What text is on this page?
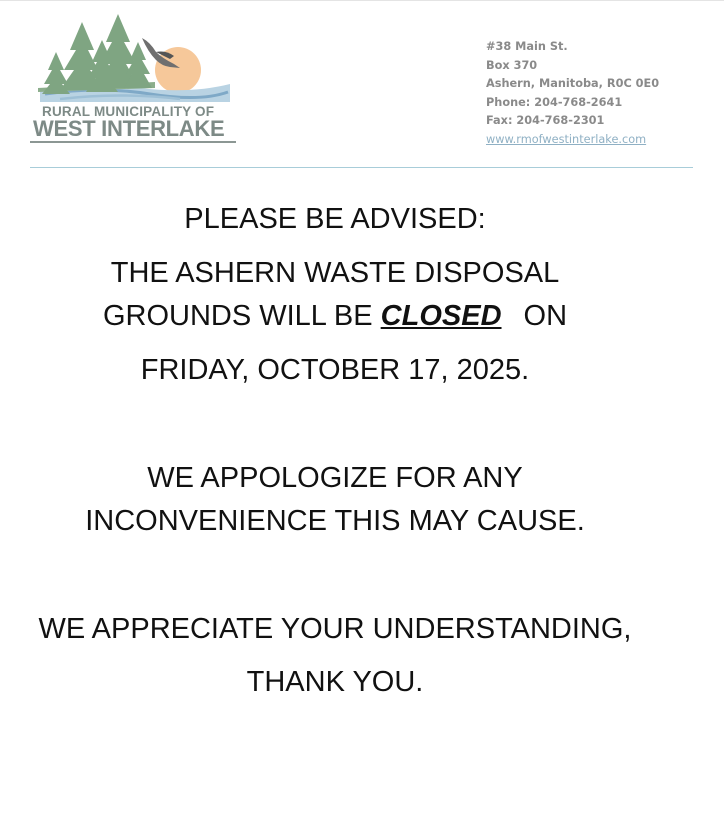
RURAL MUNICIPALITY OF
WEST INTERLAKE
#38 Main St.
Box 370
Ashern, Manitoba, R0C 0E0
Phone: 204-768-2641
Fax: 204-768-2301
www.rmofwestinterlake.com
PLEASE BE ADVISED:
THE ASHERN WASTE DISPOSAL
GROUNDS WILL BE CLOSED ON
FRIDAY, OCTOBER 17, 2025.
WE APPOLOGIZE FOR ANY
INCONVENIENCE THIS MAY CAUSE.
WE APPRECIATE YOUR UNDERSTANDING,
THANK YOU.
